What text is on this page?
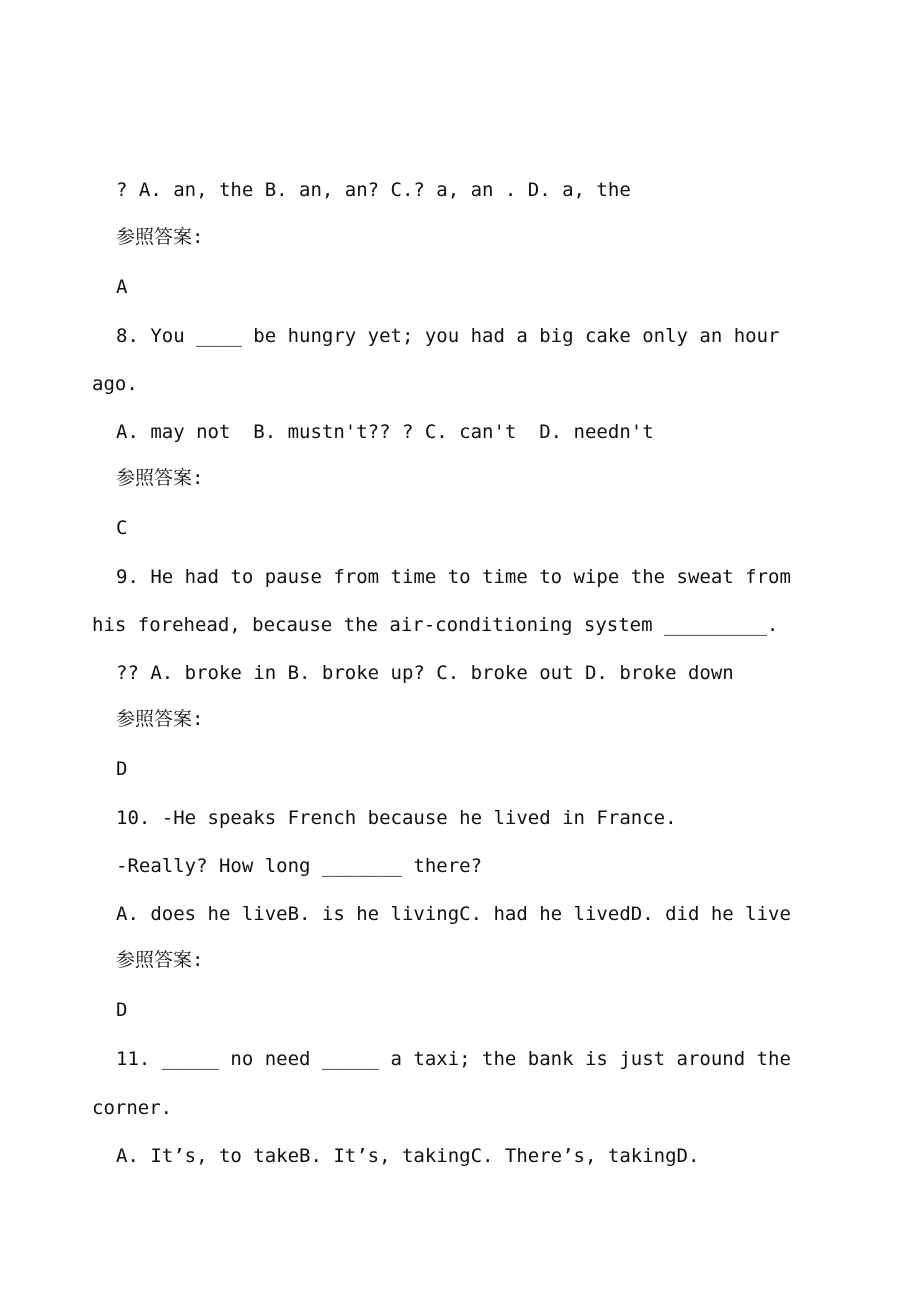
? A. an, the B. an, an? C.? a, an . D. a, the
参照答案:
A
8. You ____ be hungry yet; you had a big cake only an hour
ago.
A. may not  B. mustn't?? ? C. can't  D. needn't
参照答案:
C
9. He had to pause from time to time to wipe the sweat from
his forehead, because the air-conditioning system _________.
?? A. broke in B. broke up? C. broke out D. broke down
参照答案:
D
10. -He speaks French because he lived in France.
-Really? How long _______ there?
A. does he liveB. is he livingC. had he livedD. did he live
参照答案:
D
11. _____ no need _____ a taxi; the bank is just around the
corner.
A. It’s, to takeB. It’s, takingC. There’s, takingD.
